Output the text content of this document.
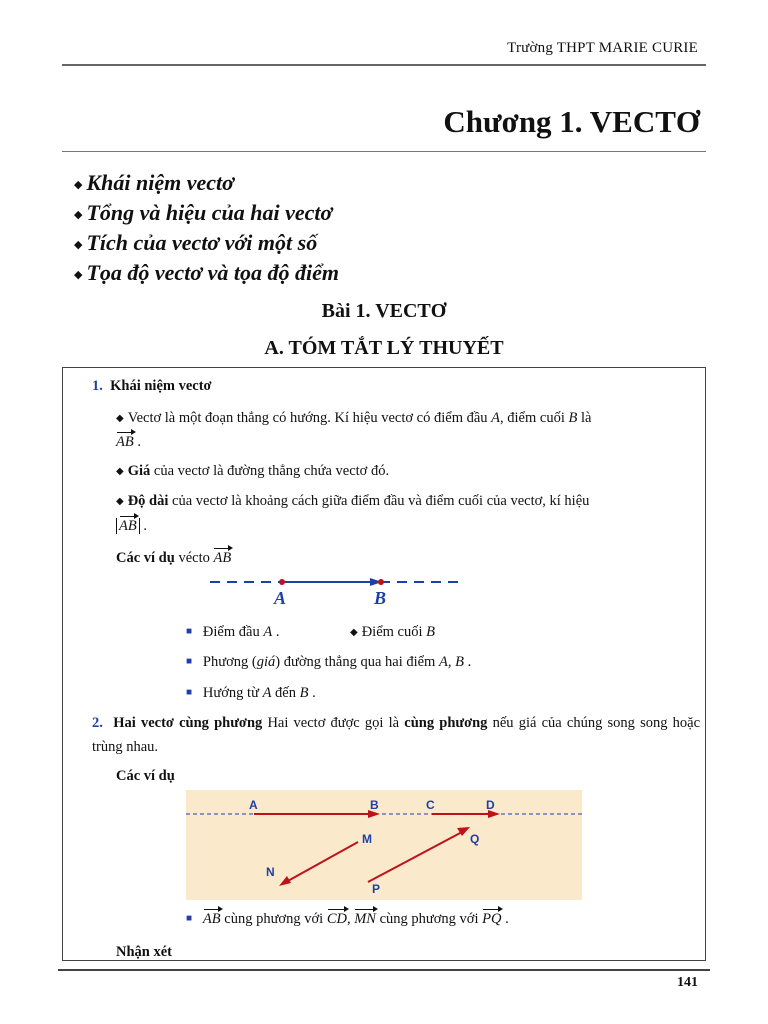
Trường THPT MARIE CURIE
Chương 1. VECTƠ
◆ Khái niệm vectơ
◆ Tổng và hiệu của hai vectơ
◆ Tích của vectơ với một số
◆ Tọa độ vectơ và tọa độ điểm
Bài 1. VECTƠ
A. TÓM TẮT LÝ THUYẾT
1. Khái niệm vectơ
◆ Vectơ là một đoạn thẳng có hướng. Kí hiệu vectơ có điểm đầu A, điểm cuối B là
AB .
◆ Giá của vectơ là đường thẳng chứa vectơ đó.
◆ Độ dài của vectơ là khoảng cách giữa điểm đầu và điểm cuối của vectơ, kí hiệu
AB .
Các ví dụ vécto AB
A	B
■ Điểm đầu A .	◆ Điểm cuối B
■ Phương (giá) đường thẳng qua hai điểm A, B .
■ Hướng từ A đến B .
2. Hai vectơ cùng phương Hai vectơ được gọi là cùng phương nếu giá của chúng song song hoặc trùng nhau.
Các ví dụ
A	B	C	D
M
N
P
Q
■ AB cùng phương với CD, MN cùng phương với PQ .
Nhận xét
141
